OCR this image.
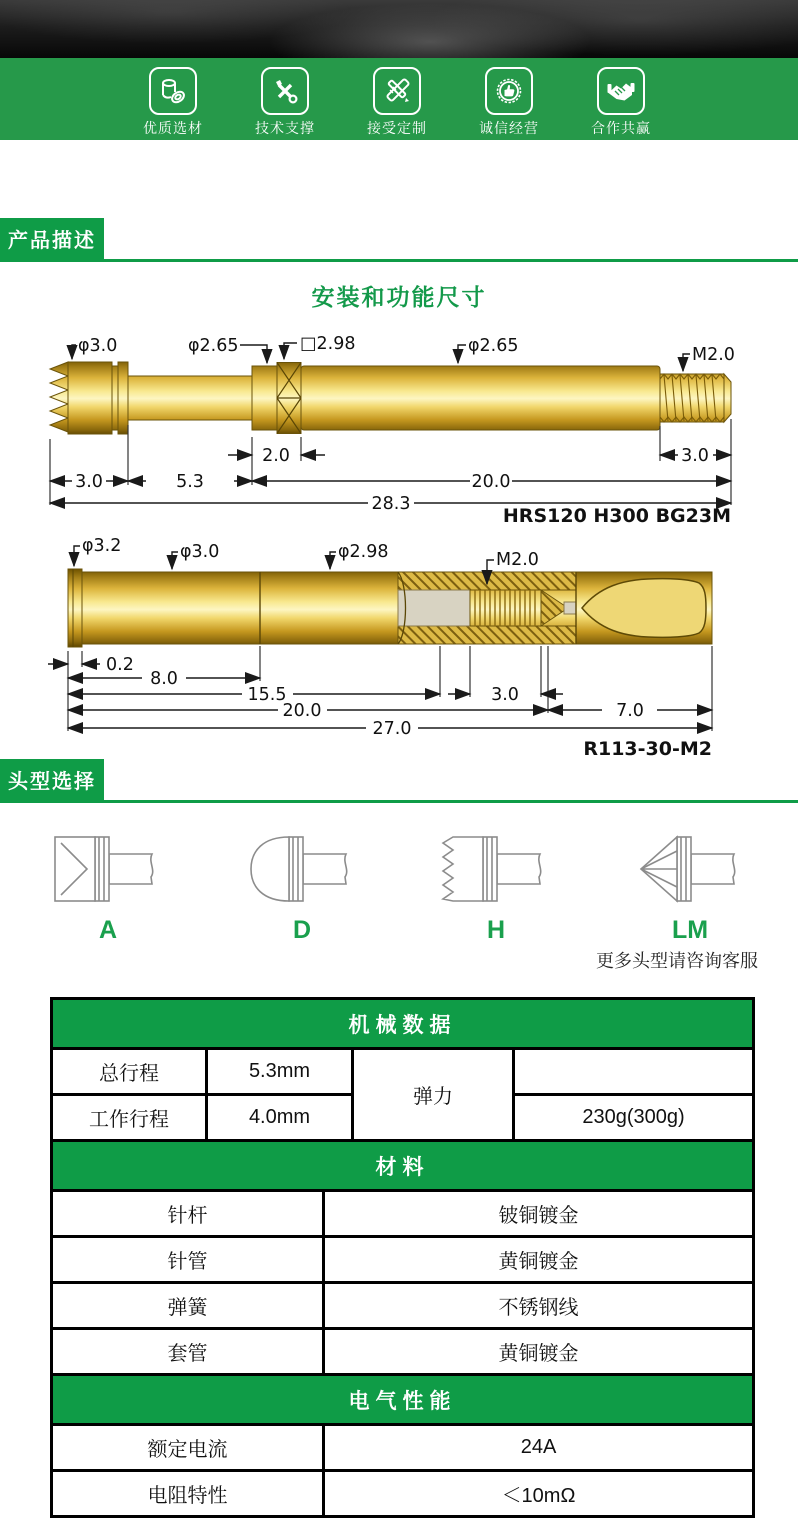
优质选材	技术支撑	接受定制	诚信经营	合作共赢
产品描述
安装和功能尺寸
φ3.0	φ2.65	□2.98	φ2.65	M2.0
2.0	3.0
3.0	5.3	20.0
28.3
HRS120 H300 BG23M
φ3.2	φ3.0	φ2.98	M2.0
0.2
8.0
15.5	3.0
20.0	7.0
27.0
R113-30-M2
头型选择
A	D	H	LM
更多头型请咨询客服
机械数据			
总行程	5.3mm	弹力	
工作行程	4.0mm		230g(300g)
材料	
针杆	铍铜镀金
针管	黄铜镀金
弹簧	不锈钢线
套管	黄铜镀金
电气性能	
额定电流	24A
电阻特性	＜10mΩ
